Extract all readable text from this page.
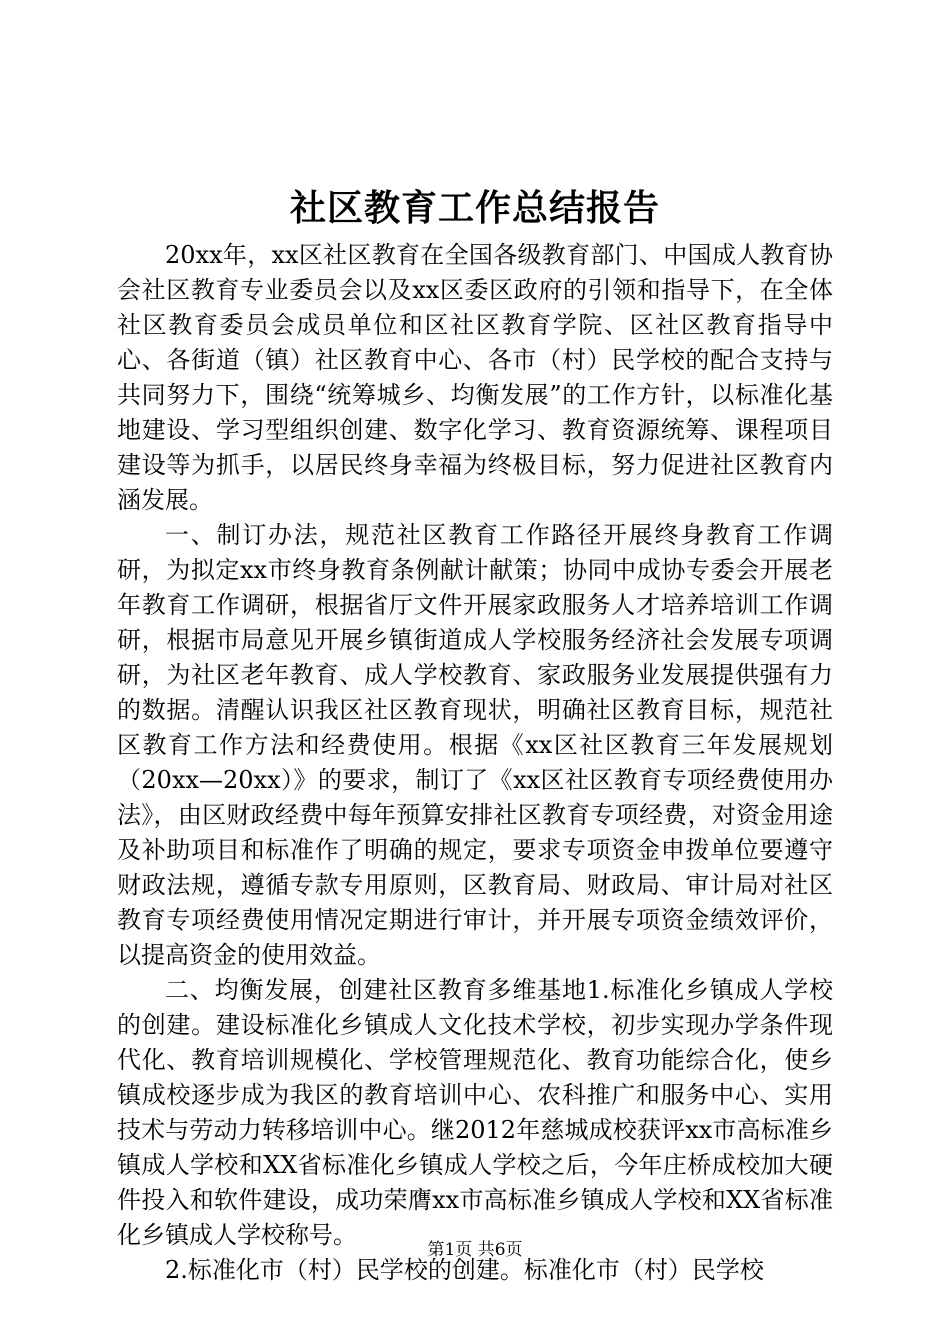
社区教育工作总结报告

20xx年，xx区社区教育在全国各级教育部门、中国成人教育协会社区教育专业委员会以及xx区委区政府的引领和指导下，在全体社区教育委员会成员单位和区社区教育学院、区社区教育指导中心、各街道（镇）社区教育中心、各市（村）民学校的配合支持与共同努力下，围绕“统筹城乡、均衡发展”的工作方针，以标准化基地建设、学习型组织创建、数字化学习、教育资源统筹、课程项目建设等为抓手，以居民终身幸福为终极目标，努力促进社区教育内涵发展。

一、制订办法，规范社区教育工作路径开展终身教育工作调研，为拟定xx市终身教育条例献计献策；协同中成协专委会开展老年教育工作调研，根据省厅文件开展家政服务人才培养培训工作调研，根据市局意见开展乡镇街道成人学校服务经济社会发展专项调研，为社区老年教育、成人学校教育、家政服务业发展提供强有力的数据。清醒认识我区社区教育现状，明确社区教育目标，规范社区教育工作方法和经费使用。根据《xx区社区教育三年发展规划（20xx—20xx）》的要求，制订了《xx区社区教育专项经费使用办法》，由区财政经费中每年预算安排社区教育专项经费，对资金用途及补助项目和标准作了明确的规定，要求专项资金申拨单位要遵守财政法规，遵循专款专用原则，区教育局、财政局、审计局对社区教育专项经费使用情况定期进行审计，并开展专项资金绩效评价，以提高资金的使用效益。

二、均衡发展，创建社区教育多维基地1.标准化乡镇成人学校的创建。建设标准化乡镇成人文化技术学校，初步实现办学条件现代化、教育培训规模化、学校管理规范化、教育功能综合化，使乡镇成校逐步成为我区的教育培训中心、农科推广和服务中心、实用技术与劳动力转移培训中心。继2012年慈城成校获评xx市高标准乡镇成人学校和XX省标准化乡镇成人学校之后，今年庄桥成校加大硬件投入和软件建设，成功荣膺xx市高标准乡镇成人学校和XX省标准化乡镇成人学校称号。

2.标准化市（村）民学校的创建。标准化市（村）民学校

第1页 共6页
